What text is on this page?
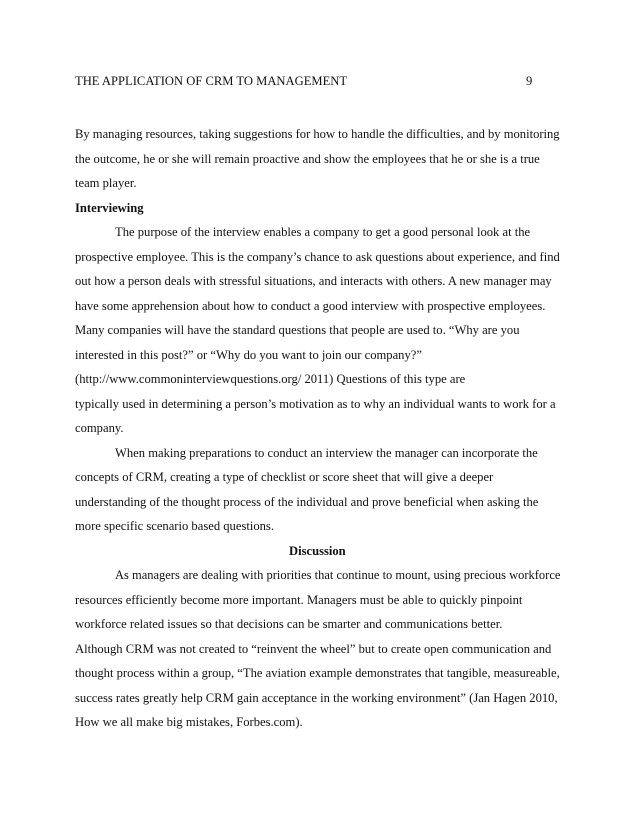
THE APPLICATION OF CRM TO MANAGEMENT	9
By managing resources, taking suggestions for how to handle the difficulties, and by monitoring
the outcome, he or she will remain proactive and show the employees that he or she is a true
team player.
Interviewing
The purpose of the interview enables a company to get a good personal look at the
prospective employee. This is the company’s chance to ask questions about experience, and find
out how a person deals with stressful situations, and interacts with others. A new manager may
have some apprehension about how to conduct a good interview with prospective employees.
Many companies will have the standard questions that people are used to. “Why are you
interested in this post?” or “Why do you want to join our company?”
(http://www.commoninterviewquestions.org/ 2011) Questions of this type are
typically used in determining a person’s motivation as to why an individual wants to work for a
company.
When making preparations to conduct an interview the manager can incorporate the
concepts of CRM, creating a type of checklist or score sheet that will give a deeper
understanding of the thought process of the individual and prove beneficial when asking the
more specific scenario based questions.
Discussion
As managers are dealing with priorities that continue to mount, using precious workforce
resources efficiently become more important. Managers must be able to quickly pinpoint
workforce related issues so that decisions can be smarter and communications better.
Although CRM was not created to “reinvent the wheel” but to create open communication and
thought process within a group, “The aviation example demonstrates that tangible, measureable,
success rates greatly help CRM gain acceptance in the working environment” (Jan Hagen 2010,
How we all make big mistakes, Forbes.com).
